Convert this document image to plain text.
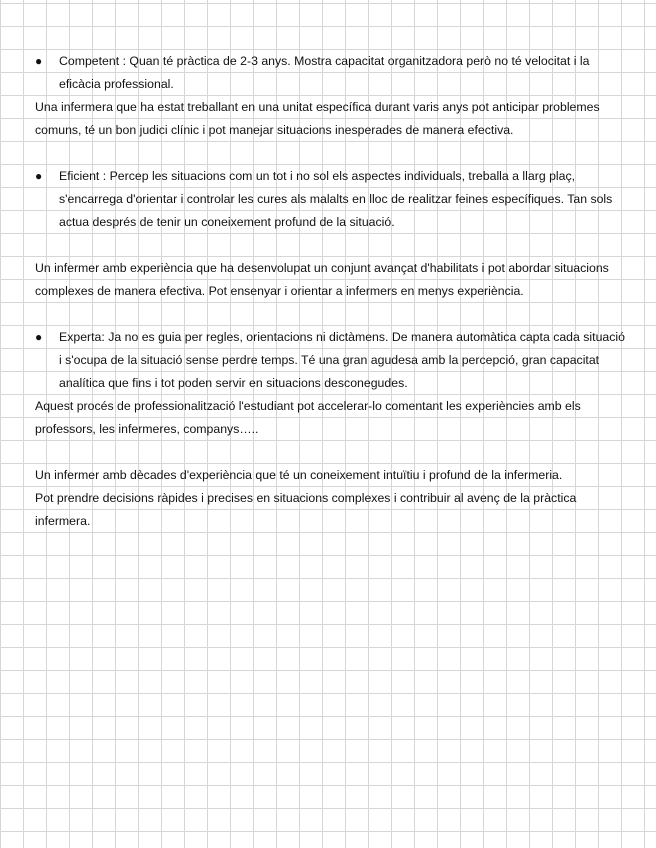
● Competent : Quan té pràctica de 2-3 anys. Mostra capacitat organitzadora però no té velocitat i la eficàcia professional.

Una infermera que ha estat treballant en una unitat específica durant varis anys pot anticipar problemes comuns, té un bon judici clínic i pot manejar situacions inesperades de manera efectiva.

● Eficient : Percep les situacions com un tot i no sol els aspectes individuals, treballa a llarg plaç, s'encarrega d'orientar i controlar les cures als malalts en lloc de realitzar feines específiques. Tan sols actua després de tenir un coneixement profund de la situació.

Un infermer amb experiència que ha desenvolupat un conjunt avançat d'habilitats i pot abordar situacions complexes de manera efectiva. Pot ensenyar i orientar a infermers en menys experiència.

● Experta: Ja no es guia per regles, orientacions ni dictàmens. De manera automàtica capta cada situació i s'ocupa de la situació sense perdre temps. Té una gran agudesa amb la percepció, gran capacitat analítica que fins i tot poden servir en situacions desconegudes.

Aquest procés de professionalització l'estudiant pot accelerar-lo comentant les experiències amb els professors, les infermeres, companys…..

Un infermer amb dècades d'experiència que té un coneixement intuïtiu i profund de la infermeria.

Pot prendre decisions ràpides i precises en situacions complexes i contribuir al avenç de la pràctica infermera.
